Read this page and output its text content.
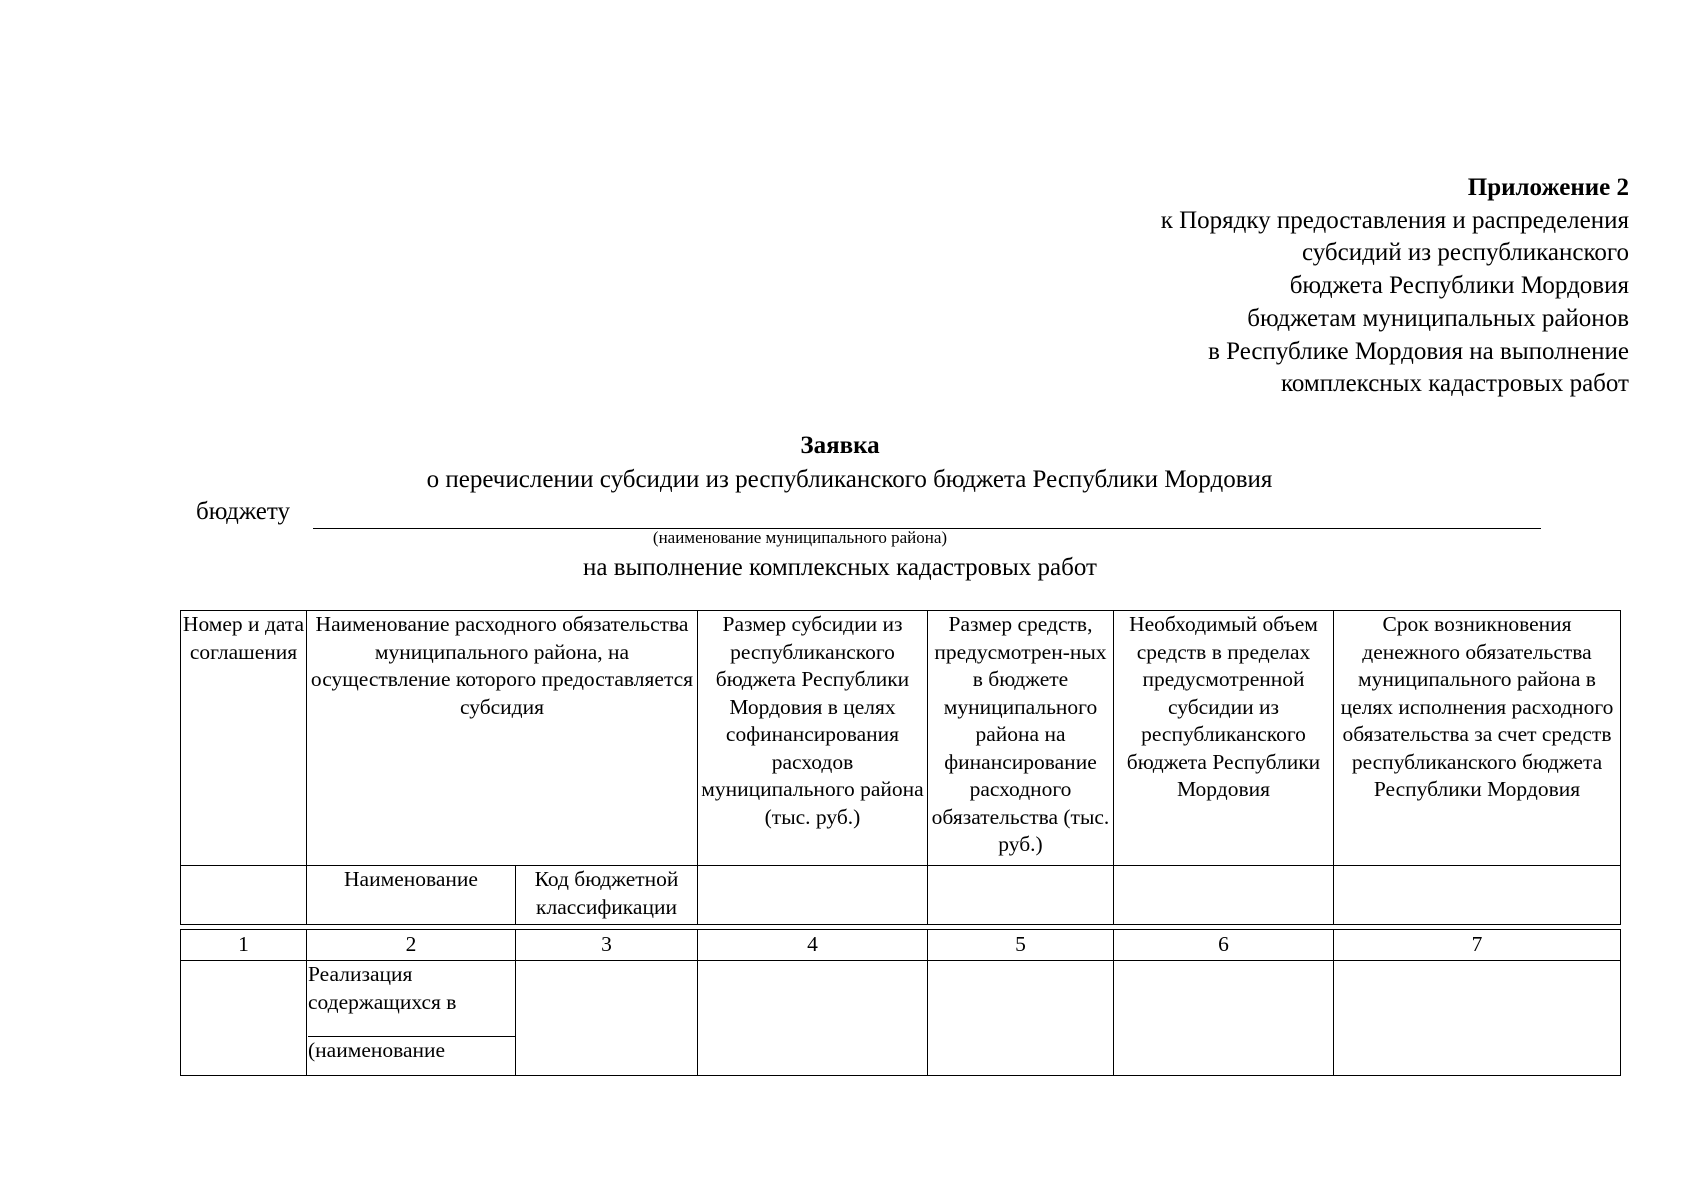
Приложение 2
к Порядку предоставления и распределения
субсидий из республиканского
бюджета Республики Мордовия
бюджетам муниципальных районов
в Республике Мордовия на выполнение
комплексных кадастровых работ
Заявка
о перечислении субсидии из республиканского бюджета Республики Мордовия
бюджету
(наименование муниципального района)
на выполнение комплексных кадастровых работ
Номер и дата соглашения	Наименование расходного обязательства муниципального района, на осуществление которого предоставляется субсидия		Размер субсидии из республиканского бюджета Республики Мордовия в целях софинансирования расходов муниципального района (тыс. руб.)	Размер средств, предусмотрен-ных в бюджете муниципального района на финансирование расходного обязательства (тыс. руб.)	Необходимый объем средств в пределах предусмотренной субсидии из республиканского бюджета Республики Мордовия	Срок возникновения денежного обязательства муниципального района в целях исполнения расходного обязательства за счет средств республиканского бюджета Республики Мордовия
	Наименование	Код бюджетной классификации				

1	2	3	4	5	6	7

	Реализация содержащихся в
(наименование					
